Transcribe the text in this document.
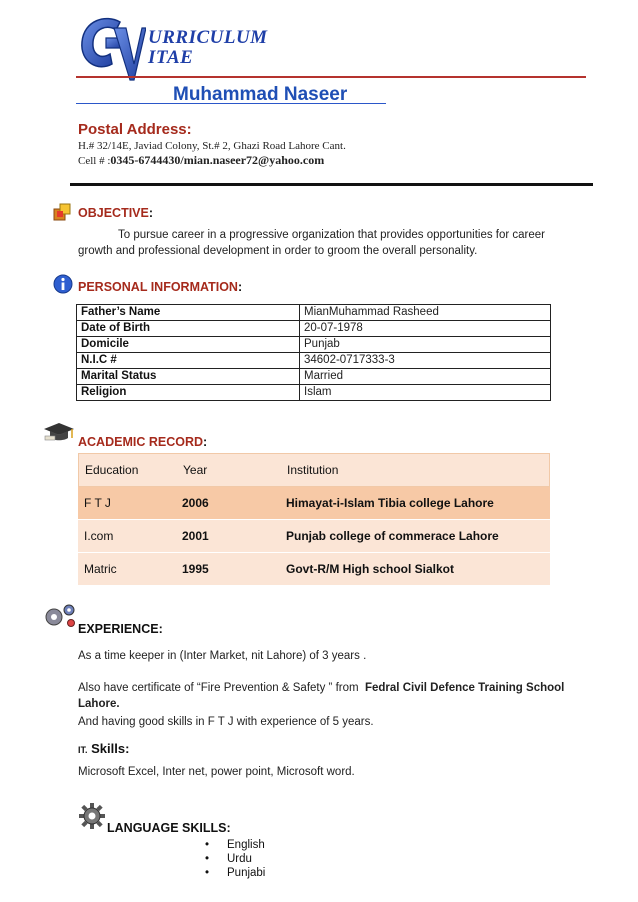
URRICULUM
ITAE
Muhammad Naseer
Postal Address:
H.# 32/14E, Javiad Colony, St.# 2, Ghazi Road Lahore Cant.
Cell # :0345-6744430/mian.naseer72@yahoo.com
OBJECTIVE:
To pursue career in a progressive organization that provides opportunities for career growth and professional development in order to groom the overall personality.
PERSONAL INFORMATION:
Father’s Name	MianMuhammad Rasheed
Date of Birth	20-07-1978
Domicile	Punjab
N.I.C #	34602-0717333-3
Marital Status	Married
Religion	Islam
ACADEMIC RECORD:
Education	Year	Institution
F T J	2006	Himayat-i-Islam Tibia college Lahore
I.com	2001	Punjab college of commerace Lahore
Matric	1995	Govt-R/M High school Sialkot
EXPERIENCE:
As a time keeper in (Inter Market, nit Lahore) of 3 years .
Also have certificate of “Fire Prevention & Safety ” from Fedral Civil Defence Training School Lahore.
And having good skills in F T J with experience of 5 years.
IT. Skills:
Microsoft Excel, Inter net, power point, Microsoft word.
LANGUAGE SKILLS:
• English
• Urdu
• Punjabi
